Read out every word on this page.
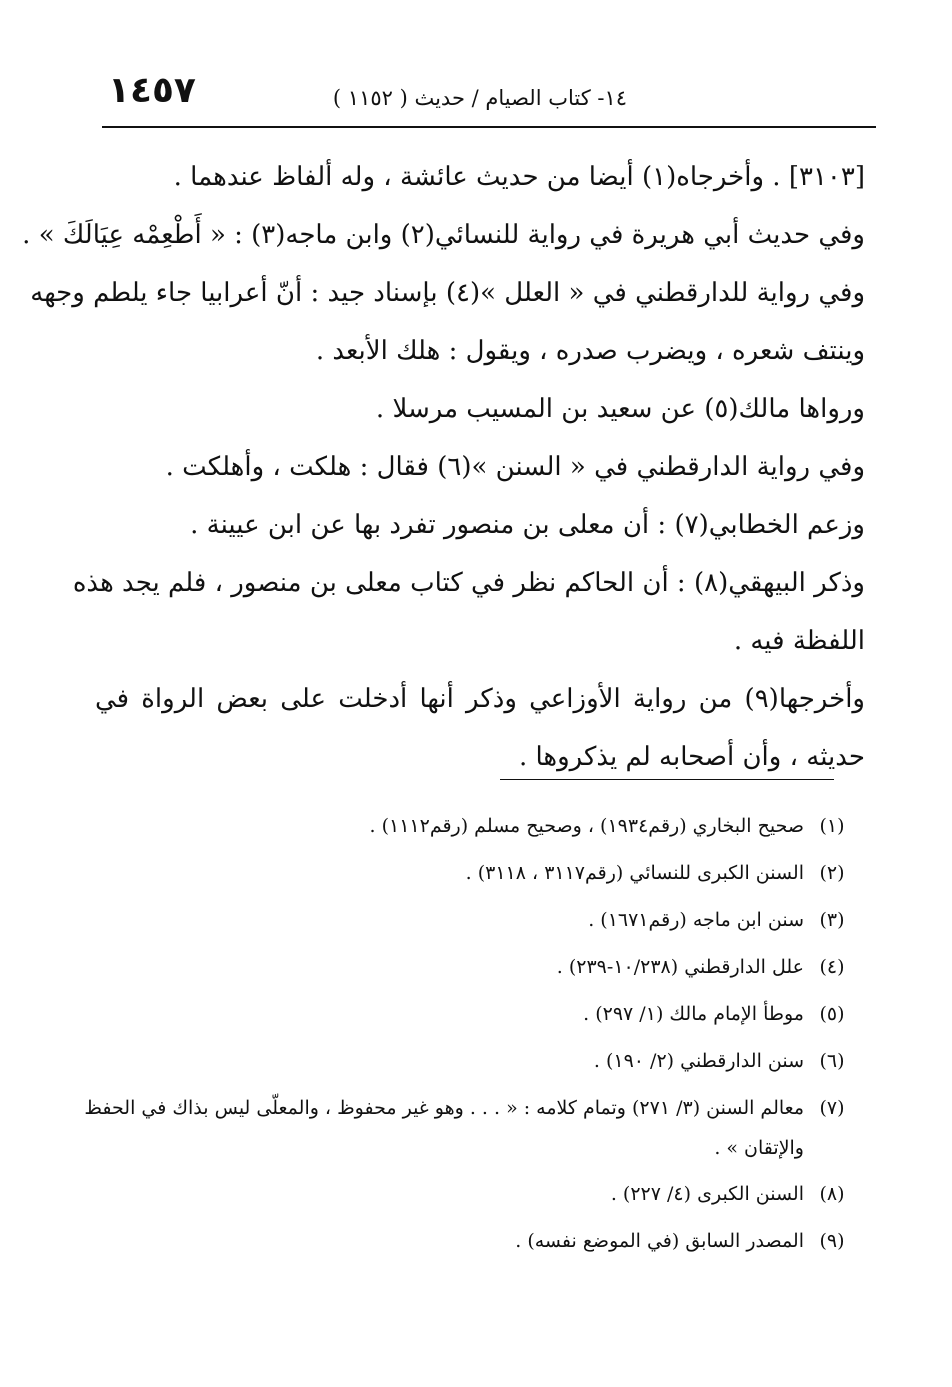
١٤٥٧	١٤- كتاب الصيام / حديث ( ١١٥٢ )
[٣١٠٣] . وأخرجاه(١) أيضا من حديث عائشة ، وله ألفاظ عندهما .
وفي حديث أبي هريرة في رواية للنسائي(٢) وابن ماجه(٣) : « أَطْعِمْه عِيَالَكَ » .
وفي رواية للدارقطني في « العلل »(٤) بإسناد جيد : أنّ أعرابيا جاء يلطم وجهه
وينتف شعره ، ويضرب صدره ، ويقول : هلك الأبعد .
ورواها مالك(٥) عن سعيد بن المسيب مرسلا .
وفي رواية الدارقطني في « السنن »(٦) فقال : هلكت ، وأهلكت .
وزعم الخطابي(٧) : أن معلى بن منصور تفرد بها عن ابن عيينة .
وذكر البيهقي(٨) : أن الحاكم نظر في كتاب معلى بن منصور ، فلم يجد هذه
اللفظة فيه .
وأخرجها(٩) من رواية الأوزاعي وذكر أنها أدخلت على بعض الرواة في
حديثه ، وأن أصحابه لم يذكروها .
(١)
صحيح البخاري (رقم١٩٣٤) ، وصحيح مسلم (رقم١١١٢) .
(٢)
السنن الكبرى للنسائي (رقم٣١١٧ ، ٣١١٨) .
(٣)
سنن ابن ماجه (رقم١٦٧١) .
(٤)
علل الدارقطني (١٠/٢٣٨-٢٣٩) .
(٥)
موطأ الإمام مالك (١/ ٢٩٧) .
(٦)
سنن الدارقطني (٢/ ١٩٠) .
(٧)
معالم السنن (٣/ ٢٧١) وتمام كلامه : « . . . وهو غير محفوظ ، والمعلّى ليس بذاك في الحفظ والإتقان » .
(٨)
السنن الكبرى (٤/ ٢٢٧) .
(٩)
المصدر السابق (في الموضع نفسه) .
